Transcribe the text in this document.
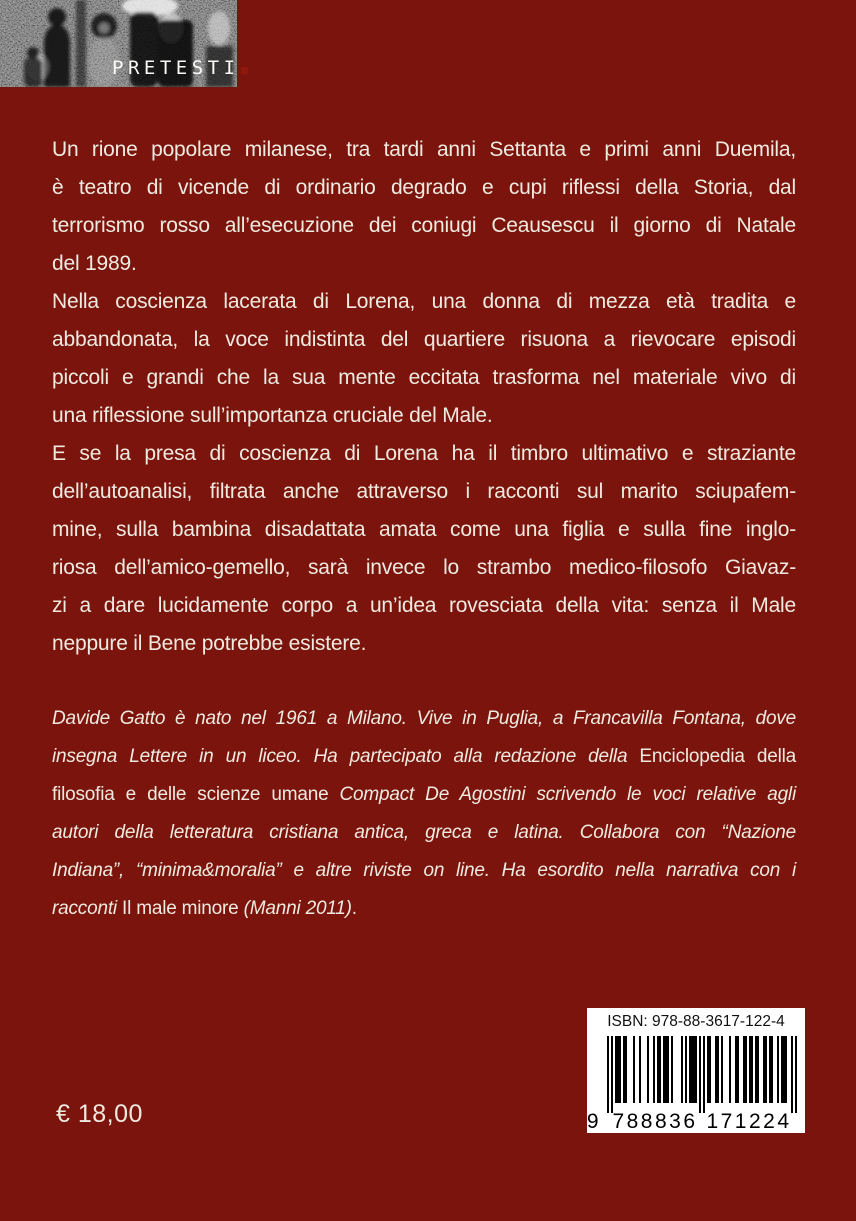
PRETESTI
Un rione popolare milanese, tra tardi anni Settanta e primi anni Duemila,
è teatro di vicende di ordinario degrado e cupi riflessi della Storia, dal
terrorismo rosso all’esecuzione dei coniugi Ceausescu il giorno di Natale
del 1989.
Nella coscienza lacerata di Lorena, una donna di mezza età tradita e
abbandonata, la voce indistinta del quartiere risuona a rievocare episodi
piccoli e grandi che la sua mente eccitata trasforma nel materiale vivo di
una riflessione sull’importanza cruciale del Male.
E se la presa di coscienza di Lorena ha il timbro ultimativo e straziante
dell’autoanalisi, filtrata anche attraverso i racconti sul marito sciupafem-
mine, sulla bambina disadattata amata come una figlia e sulla fine inglo-
riosa dell’amico-gemello, sarà invece lo strambo medico-filosofo Giavaz-
zi a dare lucidamente corpo a un’idea rovesciata della vita: senza il Male
neppure il Bene potrebbe esistere.
Davide Gatto è nato nel 1961 a Milano. Vive in Puglia, a Francavilla Fontana, dove
insegna Lettere in un liceo. Ha partecipato alla redazione della Enciclopedia della
filosofia e delle scienze umane Compact De Agostini scrivendo le voci relative agli
autori della letteratura cristiana antica, greca e latina. Collabora con “Nazione
Indiana”, “minima&moralia” e altre riviste on line. Ha esordito nella narrativa con i
racconti Il male minore (Manni 2011).
€ 18,00
ISBN: 978-88-3617-122-4
9 788836 171224
